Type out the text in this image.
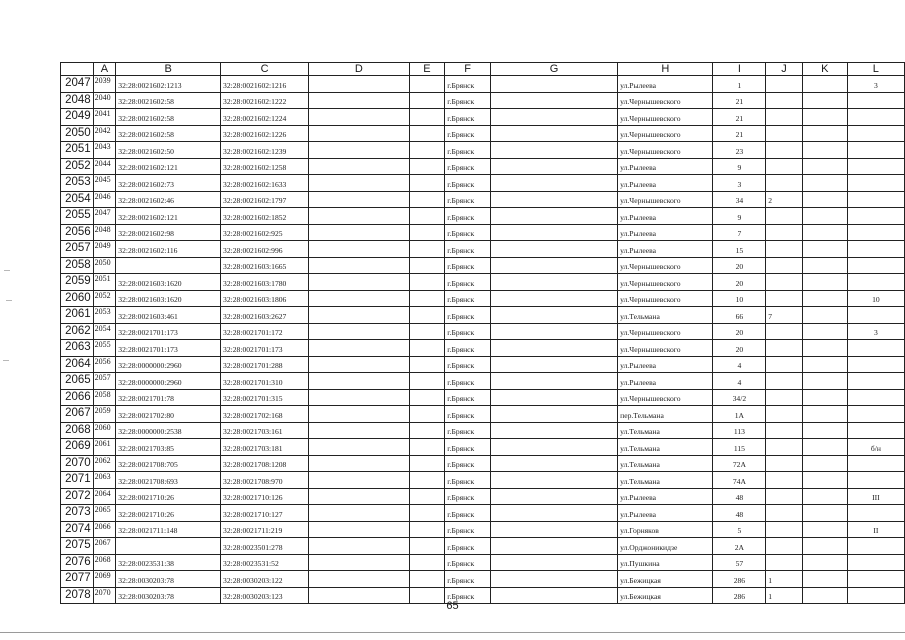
	A	B	C	D	E	F	G	H	I	J	K	L
2047	2039	32:28:0021602:1213	32:28:0021602:1216			г.Брянск		ул.Рылеева	1			3
2048	2040	32:28:0021602:58	32:28:0021602:1222			г.Брянск		ул.Чернышевского	21			
2049	2041	32:28:0021602:58	32:28:0021602:1224			г.Брянск		ул.Чернышевского	21			
2050	2042	32:28:0021602:58	32:28:0021602:1226			г.Брянск		ул.Чернышевского	21			
2051	2043	32:28:0021602:50	32:28:0021602:1239			г.Брянск		ул.Чернышевского	23			
2052	2044	32:28:0021602:121	32:28:0021602:1258			г.Брянск		ул.Рылеева	9			
2053	2045	32:28:0021602:73	32:28:0021602:1633			г.Брянск		ул.Рылеева	3			
2054	2046	32:28:0021602:46	32:28:0021602:1797			г.Брянск		ул.Чернышевского	34	2		
2055	2047	32:28:0021602:121	32:28:0021602:1852			г.Брянск		ул.Рылеева	9			
2056	2048	32:28:0021602:98	32:28:0021602:925			г.Брянск		ул.Рылеева	7			
2057	2049	32:28:0021602:116	32:28:0021602:996			г.Брянск		ул.Рылеева	15			
2058	2050		32:28:0021603:1665			г.Брянск		ул.Чернышевского	20			
2059	2051	32:28:0021603:1620	32:28:0021603:1780			г.Брянск		ул.Чернышевского	20			
2060	2052	32:28:0021603:1620	32:28:0021603:1806			г.Брянск		ул.Чернышевского	10			10
2061	2053	32:28:0021603:461	32:28:0021603:2627			г.Брянск		ул.Тельмана	66	7		
2062	2054	32:28:0021701:173	32:28:0021701:172			г.Брянск		ул.Чернышевского	20			3
2063	2055	32:28:0021701:173	32:28:0021701:173			г.Брянск		ул.Чернышевского	20			
2064	2056	32:28:0000000:2960	32:28:0021701:288			г.Брянск		ул.Рылеева	4			
2065	2057	32:28:0000000:2960	32:28:0021701:310			г.Брянск		ул.Рылеева	4			
2066	2058	32:28:0021701:78	32:28:0021701:315			г.Брянск		ул.Чернышевского	34/2			
2067	2059	32:28:0021702:80	32:28:0021702:168			г.Брянск		пер.Тельмана	1А			
2068	2060	32:28:0000000:2538	32:28:0021703:161			г.Брянск		ул.Тельмана	113			
2069	2061	32:28:0021703:85	32:28:0021703:181			г.Брянск		ул.Тельмана	115			б/н
2070	2062	32:28:0021708:705	32:28:0021708:1208			г.Брянск		ул.Тельмана	72А			
2071	2063	32:28:0021708:693	32:28:0021708:970			г.Брянск		ул.Тельмана	74А			
2072	2064	32:28:0021710:26	32:28:0021710:126			г.Брянск		ул.Рылеева	48			III
2073	2065	32:28:0021710:26	32:28:0021710:127			г.Брянск		ул.Рылеева	48			
2074	2066	32:28:0021711:148	32:28:0021711:219			г.Брянск		ул.Горняков	5			II
2075	2067		32:28:0023501:278			г.Брянск		ул.Орджоникидзе	2А			
2076	2068	32:28:0023531:38	32:28:0023531:52			г.Брянск		ул.Пушкина	57			
2077	2069	32:28:0030203:78	32:28:0030203:122			г.Брянск		ул.Бежицкая	286	1		
2078	2070	32:28:0030203:78	32:28:0030203:123			г.Брянск		ул.Бежицкая	286	1		
65
